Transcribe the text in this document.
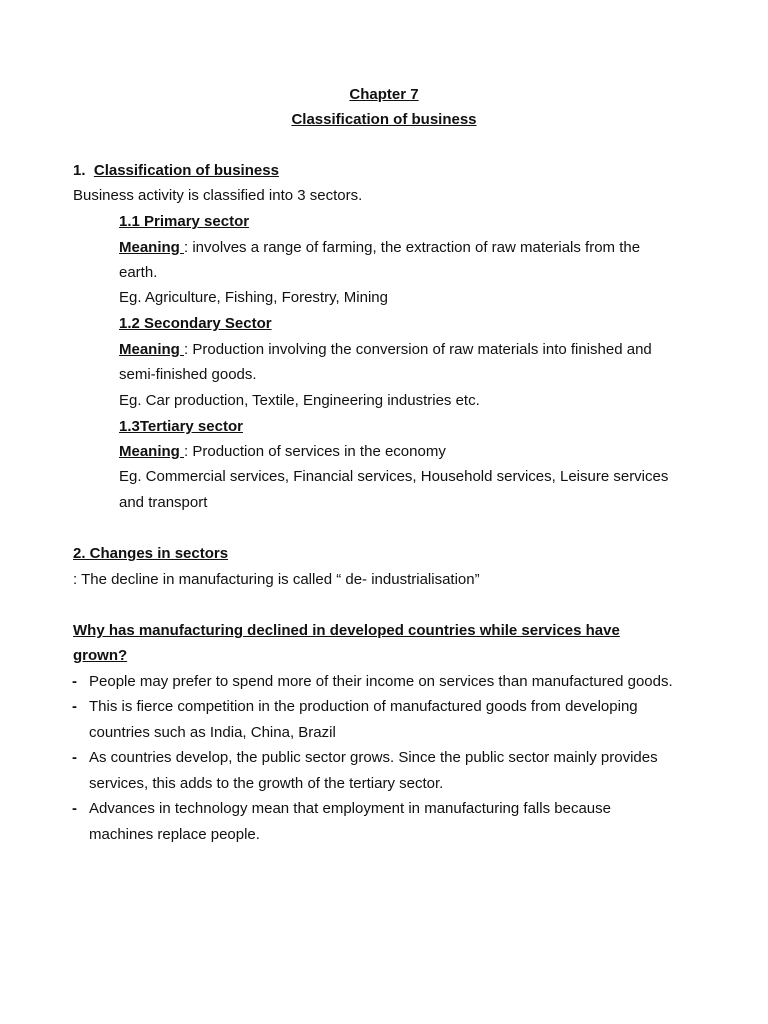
Chapter 7
Classification of business
1. Classification of business
Business activity is classified into 3 sectors.
1.1 Primary sector
Meaning : involves a range of farming, the extraction of raw materials from the
earth.
Eg. Agriculture, Fishing, Forestry, Mining
1.2 Secondary Sector
Meaning : Production involving the conversion of raw materials into finished and
semi-finished goods.
Eg. Car production, Textile, Engineering industries etc.
1.3Tertiary sector
Meaning : Production of services in the economy
Eg. Commercial services, Financial services, Household services, Leisure services
and transport
2. Changes in sectors
: The decline in manufacturing is called “ de- industrialisation”
Why has manufacturing declined in developed countries while services have
grown?
- People may prefer to spend more of their income on services than manufactured goods.
- This is fierce competition in the production of manufactured goods from developing
countries such as India, China, Brazil
- As countries develop, the public sector grows. Since the public sector mainly provides
services, this adds to the growth of the tertiary sector.
- Advances in technology mean that employment in manufacturing falls because
machines replace people.
